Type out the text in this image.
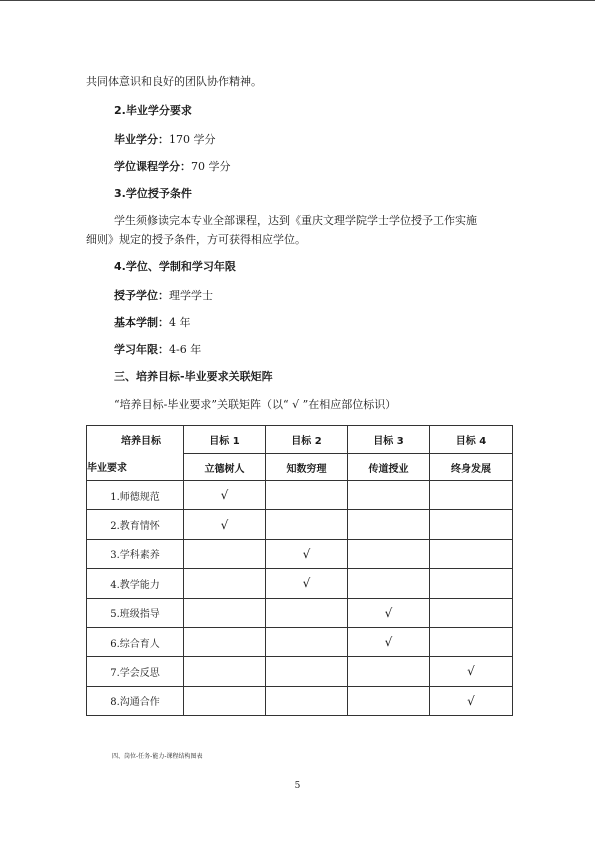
共同体意识和良好的团队协作精神。
2.毕业学分要求
毕业学分：170 学分
学位课程学分：70 学分
3.学位授予条件
学生须修读完本专业全部课程，达到《重庆文理学院学士学位授予工作实施
细则》规定的授予条件，方可获得相应学位。
4.学位、学制和学习年限
授予学位：理学学士
基本学制：4 年
学习年限：4-6 年
三、培养目标-毕业要求关联矩阵
“培养目标-毕业要求”关联矩阵（以“ √ ”在相应部位标识）
培养目标
毕业要求	目标 1	目标 2	目标 3	目标 4
	立德树人	知数穷理	传道授业	终身发展
1.师德规范	√			
2.教育情怀	√			
3.学科素养		√		
4.教学能力		√		
5.班级指导			√	
6.综合育人			√	
7.学会反思				√
8.沟通合作				√
四、岗位-任务-能力-课程结构图表
5
